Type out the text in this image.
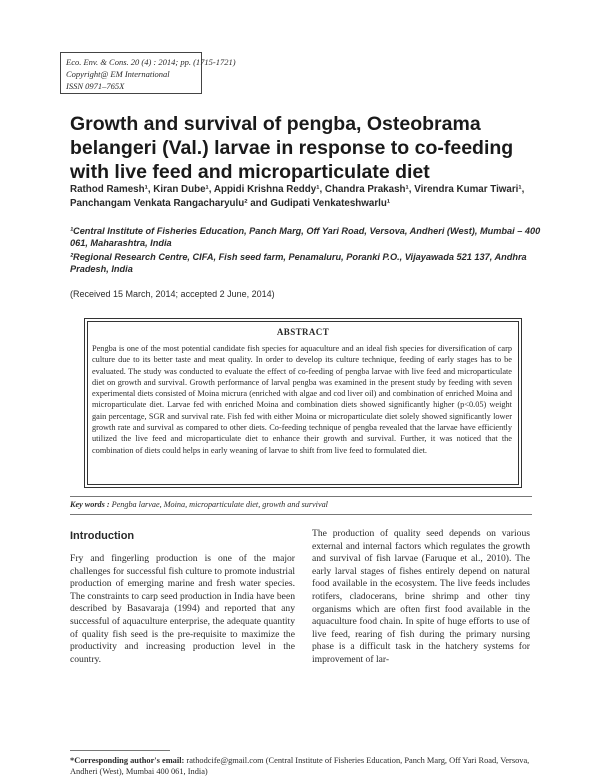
Eco. Env. & Cons. 20 (4) : 2014; pp. (1715-1721)
Copyright@ EM International
ISSN 0971–765X
Growth and survival of pengba, Osteobrama belangeri (Val.) larvae in response to co-feeding with live feed and microparticulate diet
Rathod Ramesh¹, Kiran Dube¹, Appidi Krishna Reddy¹, Chandra Prakash¹, Virendra Kumar Tiwari¹,
Panchangam Venkata Rangacharyulu² and Gudipati Venkateshwarlu¹
¹Central Institute of Fisheries Education, Panch Marg, Off Yari Road, Versova, Andheri (West), Mumbai – 400 061, Maharashtra, India
²Regional Research Centre, CIFA, Fish seed farm, Penamaluru, Poranki P.O., Vijayawada 521 137, Andhra Pradesh, India
(Received 15 March, 2014; accepted 2 June, 2014)
ABSTRACT
Pengba is one of the most potential candidate fish species for aquaculture and an ideal fish species for diversification of carp culture due to its better taste and meat quality. In order to develop its culture technique, feeding of early stages has to be evaluated. The study was conducted to evaluate the effect of co-feeding of pengba larvae with live feed and microparticulate diet on growth and survival. Growth performance of larval pengba was examined in the present study by feeding with seven experimental diets consisted of Moina micrura (enriched with algae and cod liver oil) and combination of enriched Moina and microparticulate diet. Larvae fed with enriched Moina and combination diets showed significantly higher (p<0.05) weight gain percentage, SGR and survival rate. Fish fed with either Moina or microparticulate diet solely showed significantly lower growth rate and survival as compared to other diets. Co-feeding technique of pengba revealed that the larvae have efficiently utilized the live feed and microparticulate diet to enhance their growth and survival. Further, it was noticed that the combination of diets could helps in early weaning of larvae to shift from live feed to formulated diet.
Key words : Pengba larvae, Moina, microparticulate diet, growth and survival
Introduction
Fry and fingerling production is one of the major challenges for successful fish culture to promote industrial production of emerging marine and fresh water species. The constraints to carp seed production in India have been described by Basavaraja (1994) and reported that any successful of aquaculture enterprise, the adequate quantity of quality fish seed is the pre-requisite to maximize the productivity and increasing production level in the country.
The production of quality seed depends on various external and internal factors which regulates the growth and survival of fish larvae (Faruque et al., 2010). The early larval stages of fishes entirely depend on natural food available in the ecosystem. The live feeds includes rotifers, cladocerans, brine shrimp and other tiny organisms which are often first food available in the aquaculture food chain. In spite of huge efforts to use of live feed, rearing of fish during the primary nursing phase is a difficult task in the hatchery systems for improvement of lar-
*Corresponding author's email: rathodcife@gmail.com (Central Institute of Fisheries Education, Panch Marg, Off Yari Road, Versova, Andheri (West), Mumbai 400 061, India)
